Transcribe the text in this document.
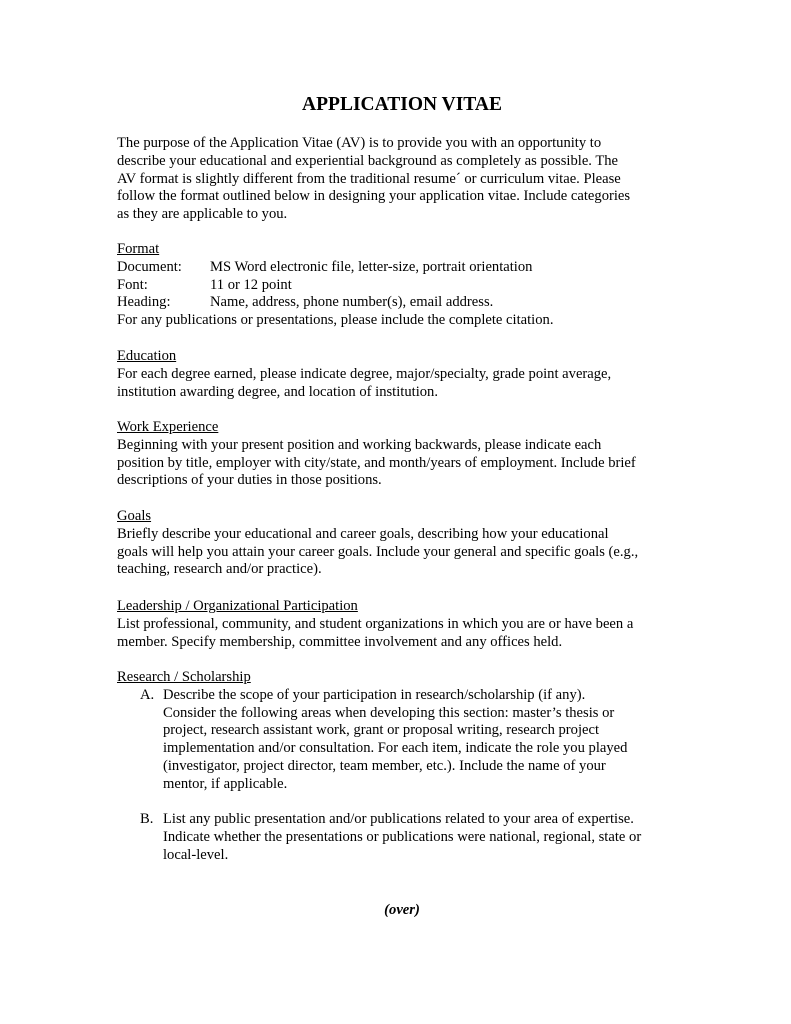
APPLICATION VITAE
The purpose of the Application Vitae (AV) is to provide you with an opportunity to
describe your educational and experiential background as completely as possible. The
AV format is slightly different from the traditional resume´ or curriculum vitae. Please
follow the format outlined below in designing your application vitae. Include categories
as they are applicable to you.
Format
Document:	MS Word electronic file, letter-size, portrait orientation
Font:	11 or 12 point
Heading:	Name, address, phone number(s), email address.
For any publications or presentations, please include the complete citation.
Education
For each degree earned, please indicate degree, major/specialty, grade point average,
institution awarding degree, and location of institution.
Work Experience
Beginning with your present position and working backwards, please indicate each
position by title, employer with city/state, and month/years of employment. Include brief
descriptions of your duties in those positions.
Goals
Briefly describe your educational and career goals, describing how your educational
goals will help you attain your career goals. Include your general and specific goals (e.g.,
teaching, research and/or practice).
Leadership / Organizational Participation
List professional, community, and student organizations in which you are or have been a
member. Specify membership, committee involvement and any offices held.
Research / Scholarship
A. Describe the scope of your participation in research/scholarship (if any).
Consider the following areas when developing this section: master’s thesis or
project, research assistant work, grant or proposal writing, research project
implementation and/or consultation. For each item, indicate the role you played
(investigator, project director, team member, etc.). Include the name of your
mentor, if applicable.
B. List any public presentation and/or publications related to your area of expertise.
Indicate whether the presentations or publications were national, regional, state or
local-level.
(over)
